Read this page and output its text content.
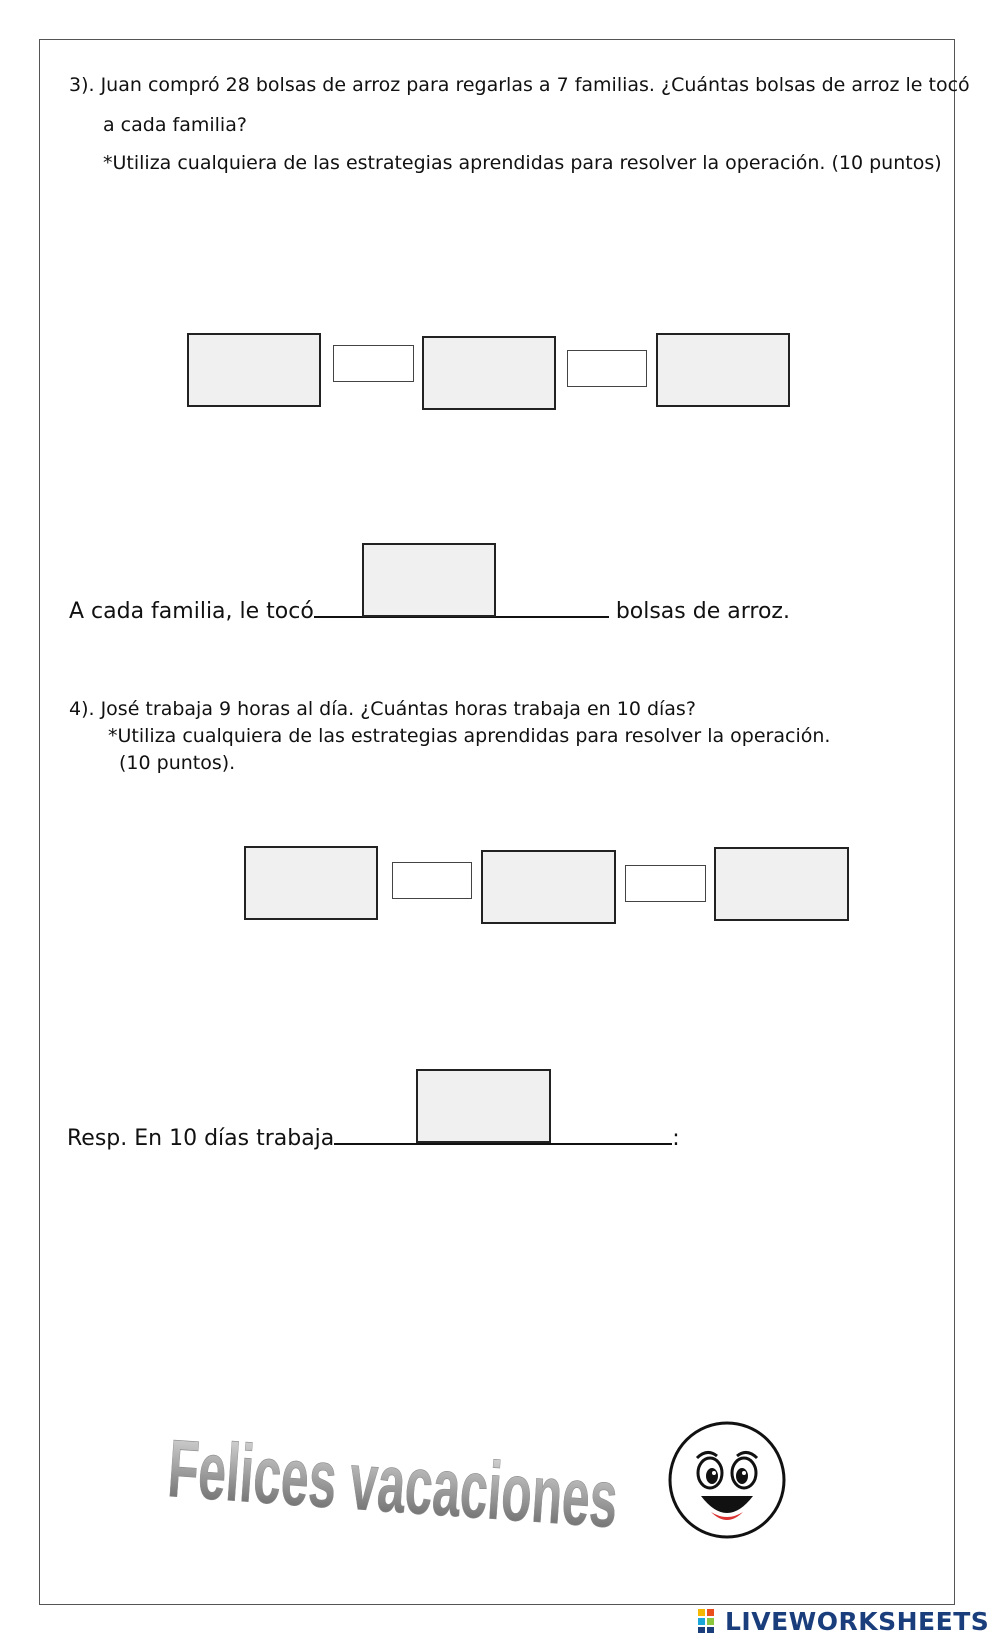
3). Juan compró 28 bolsas de arroz para regarlas a 7 familias. ¿Cuántas bolsas de arroz le tocó
a cada familia?
*Utiliza cualquiera de las estrategias aprendidas para resolver la operación. (10 puntos)
A cada familia, le tocó	bolsas de arroz.
4). José trabaja 9 horas al día. ¿Cuántas horas trabaja en 10 días?
*Utiliza cualquiera de las estrategias aprendidas para resolver la operación.
(10 puntos).
Resp. En 10 días trabaja	:
Felices vacaciones
LIVEWORKSHEETS
